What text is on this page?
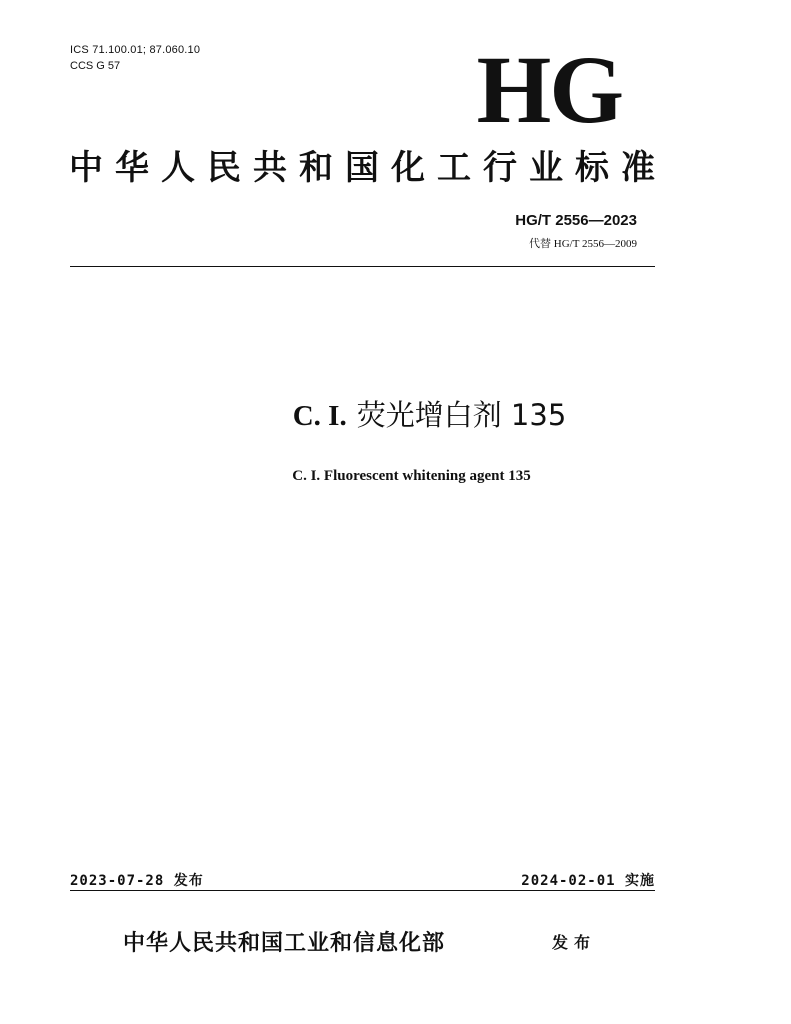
ICS 71.100.01; 87.060.10
CCS G 57	HG
中华人民共和国化工行业标准
HG/T 2556—2023
代替 HG/T 2556—2009
C. I. 荧光增白剂 135
C. I. Fluorescent whitening agent 135
2023-07-28 发布	2024-02-01 实施
中华人民共和国工业和信息化部	发布
